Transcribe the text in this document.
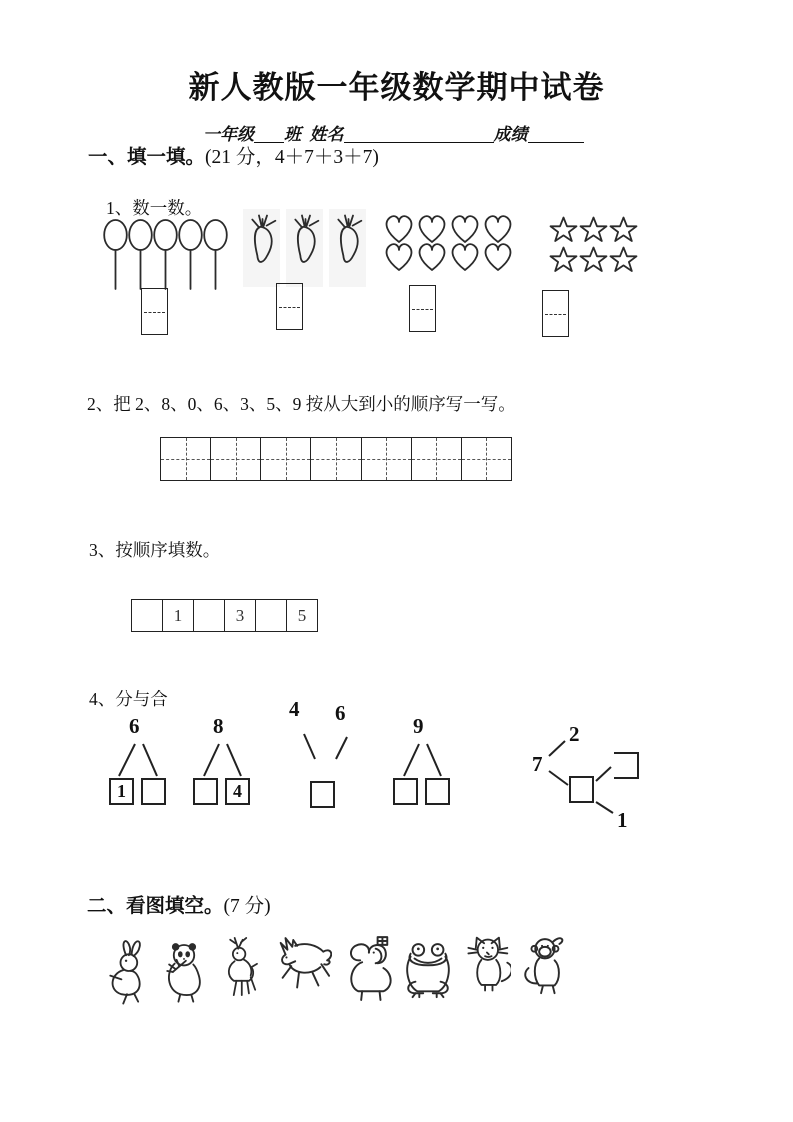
新人教版一年级数学期中试卷
一年级 班  姓名	成绩
一、填一填。(21 分，4＋7＋3＋7)
1、数一数。
2、把 2、8、0、6、3、5、9 按从大到小的顺序写一写。
3、按顺序填数。
1	3	5
4、分与合
6
1
8
4
4 6
9
7
2
1
二、看图填空。(7 分)
